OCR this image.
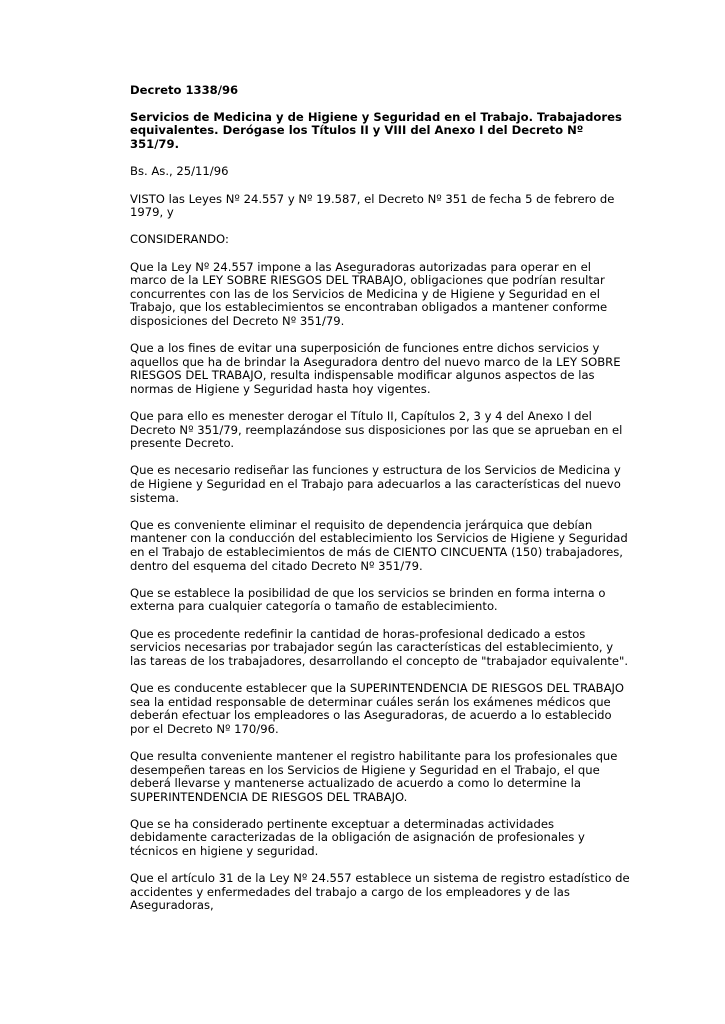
Decreto 1338/96
Servicios de Medicina y de Higiene y Seguridad en el Trabajo. Trabajadores equivalentes. Derógase los Títulos II y VIII del Anexo I del Decreto Nº 351/79.
Bs. As., 25/11/96
VISTO las Leyes Nº 24.557 y Nº 19.587, el Decreto Nº 351 de fecha 5 de febrero de 1979, y
CONSIDERANDO:
Que la Ley Nº 24.557 impone a las Aseguradoras autorizadas para operar en el marco de la LEY SOBRE RIESGOS DEL TRABAJO, obligaciones que podrían resultar concurrentes con las de los Servicios de Medicina y de Higiene y Seguridad en el Trabajo, que los establecimientos se encontraban obligados a mantener conforme disposiciones del Decreto Nº 351/79.
Que a los fines de evitar una superposición de funciones entre dichos servicios y aquellos que ha de brindar la Aseguradora dentro del nuevo marco de la LEY SOBRE RIESGOS DEL TRABAJO, resulta indispensable modificar algunos aspectos de las normas de Higiene y Seguridad hasta hoy vigentes.
Que para ello es menester derogar el Título II, Capítulos 2, 3 y 4 del Anexo I del Decreto Nº 351/79, reemplazándose sus disposiciones por las que se aprueban en el presente Decreto.
Que es necesario rediseñar las funciones y estructura de los Servicios de Medicina y de Higiene y Seguridad en el Trabajo para adecuarlos a las características del nuevo sistema.
Que es conveniente eliminar el requisito de dependencia jerárquica que debían mantener con la conducción del establecimiento los Servicios de Higiene y Seguridad en el Trabajo de establecimientos de más de CIENTO CINCUENTA (150) trabajadores, dentro del esquema del citado Decreto Nº 351/79.
Que se establece la posibilidad de que los servicios se brinden en forma interna o externa para cualquier categoría o tamaño de establecimiento.
Que es procedente redefinir la cantidad de horas-profesional dedicado a estos servicios necesarias por trabajador según las características del establecimiento, y las tareas de los trabajadores, desarrollando el concepto de "trabajador equivalente".
Que es conducente establecer que la SUPERINTENDENCIA DE RIESGOS DEL TRABAJO sea la entidad responsable de determinar cuáles serán los exámenes médicos que deberán efectuar los empleadores o las Aseguradoras, de acuerdo a lo establecido por el Decreto Nº 170/96.
Que resulta conveniente mantener el registro habilitante para los profesionales que desempeñen tareas en los Servicios de Higiene y Seguridad en el Trabajo, el que deberá llevarse y mantenerse actualizado de acuerdo a como lo determine la SUPERINTENDENCIA DE RIESGOS DEL TRABAJO.
Que se ha considerado pertinente exceptuar a determinadas actividades debidamente caracterizadas de la obligación de asignación de profesionales y técnicos en higiene y seguridad.
Que el artículo 31 de la Ley Nº 24.557 establece un sistema de registro estadístico de accidentes y enfermedades del trabajo a cargo de los empleadores y de las Aseguradoras,
